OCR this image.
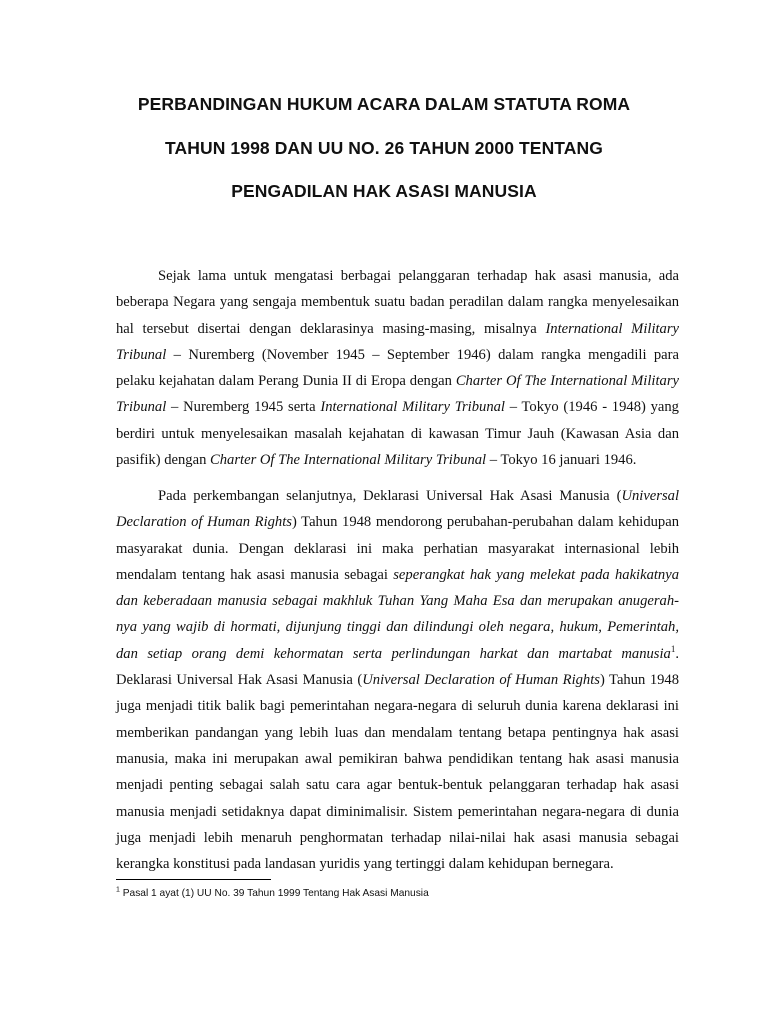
PERBANDINGAN HUKUM ACARA DALAM STATUTA ROMA
TAHUN 1998 DAN UU NO. 26 TAHUN 2000 TENTANG
PENGADILAN HAK ASASI MANUSIA

Sejak lama untuk mengatasi berbagai pelanggaran terhadap hak asasi manusia, ada beberapa Negara yang sengaja membentuk suatu badan peradilan dalam rangka menyelesaikan hal tersebut disertai dengan deklarasinya masing-masing, misalnya International Military Tribunal – Nuremberg (November 1945 – September 1946) dalam rangka mengadili para pelaku kejahatan dalam Perang Dunia II di Eropa dengan Charter Of The International Military Tribunal – Nuremberg 1945 serta International Military Tribunal – Tokyo (1946 - 1948) yang berdiri untuk menyelesaikan masalah kejahatan di kawasan Timur Jauh (Kawasan Asia dan pasifik) dengan Charter Of The International Military Tribunal – Tokyo 16 januari 1946.

Pada perkembangan selanjutnya, Deklarasi Universal Hak Asasi Manusia (Universal Declaration of Human Rights) Tahun 1948 mendorong perubahan-perubahan dalam kehidupan masyarakat dunia. Dengan deklarasi ini maka perhatian masyarakat internasional lebih mendalam tentang hak asasi manusia sebagai seperangkat hak yang melekat pada hakikatnya dan keberadaan manusia sebagai makhluk Tuhan Yang Maha Esa dan merupakan anugerah-nya yang wajib di hormati, dijunjung tinggi dan dilindungi oleh negara, hukum, Pemerintah, dan setiap orang demi kehormatan serta perlindungan harkat dan martabat manusia$^1$. Deklarasi Universal Hak Asasi Manusia (Universal Declaration of Human Rights) Tahun 1948 juga menjadi titik balik bagi pemerintahan negara-negara di seluruh dunia karena deklarasi ini memberikan pandangan yang lebih luas dan mendalam tentang betapa pentingnya hak asasi manusia, maka ini merupakan awal pemikiran bahwa pendidikan tentang hak asasi manusia menjadi penting sebagai salah satu cara agar bentuk-bentuk pelanggaran terhadap hak asasi manusia menjadi setidaknya dapat diminimalisir. Sistem pemerintahan negara-negara di dunia juga menjadi lebih menaruh penghormatan terhadap nilai-nilai hak asasi manusia sebagai kerangka konstitusi pada landasan yuridis yang tertinggi dalam kehidupan bernegara.

$^1$ Pasal 1 ayat (1) UU No. 39 Tahun 1999 Tentang Hak Asasi Manusia
